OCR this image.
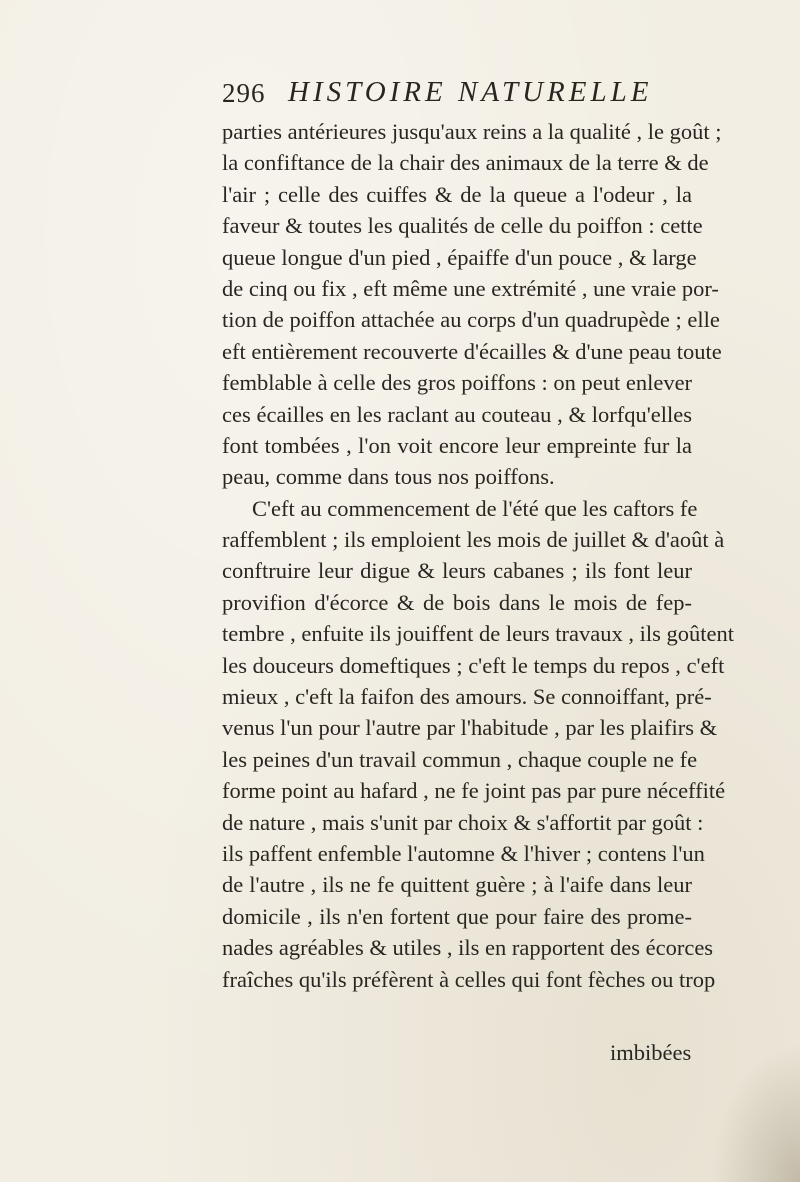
296 HISTOIRE NATURELLE
parties antérieures jusqu'aux reins a la qualité , le goût ;
la confiftance de la chair des animaux de la terre & de
l'air ; celle des cuiffes & de la queue a l'odeur , la
faveur & toutes les qualités de celle du poiffon : cette
queue longue d'un pied , épaiffe d'un pouce , & large
de cinq ou fix , eft même une extrémité , une vraie por-
tion de poiffon attachée au corps d'un quadrupède ; elle
eft entièrement recouverte d'écailles & d'une peau toute
femblable à celle des gros poiffons : on peut enlever
ces écailles en les raclant au couteau , & lorfqu'elles
font tombées , l'on voit encore leur empreinte fur la
peau, comme dans tous nos poiffons.
C'eft au commencement de l'été que les caftors fe
raffemblent ; ils emploient les mois de juillet & d'août à
conftruire leur digue & leurs cabanes ; ils font leur
provifion d'écorce & de bois dans le mois de fep-
tembre , enfuite ils jouiffent de leurs travaux , ils goûtent
les douceurs domeftiques ; c'eft le temps du repos , c'eft
mieux , c'eft la faifon des amours. Se connoiffant, pré-
venus l'un pour l'autre par l'habitude , par les plaifirs &
les peines d'un travail commun , chaque couple ne fe
forme point au hafard , ne fe joint pas par pure néceffité
de nature , mais s'unit par choix & s'affortit par goût :
ils paffent enfemble l'automne & l'hiver ; contens l'un
de l'autre , ils ne fe quittent guère ; à l'aife dans leur
domicile , ils n'en fortent que pour faire des prome-
nades agréables & utiles , ils en rapportent des écorces
fraîches qu'ils préfèrent à celles qui font fèches ou trop
imbibées
